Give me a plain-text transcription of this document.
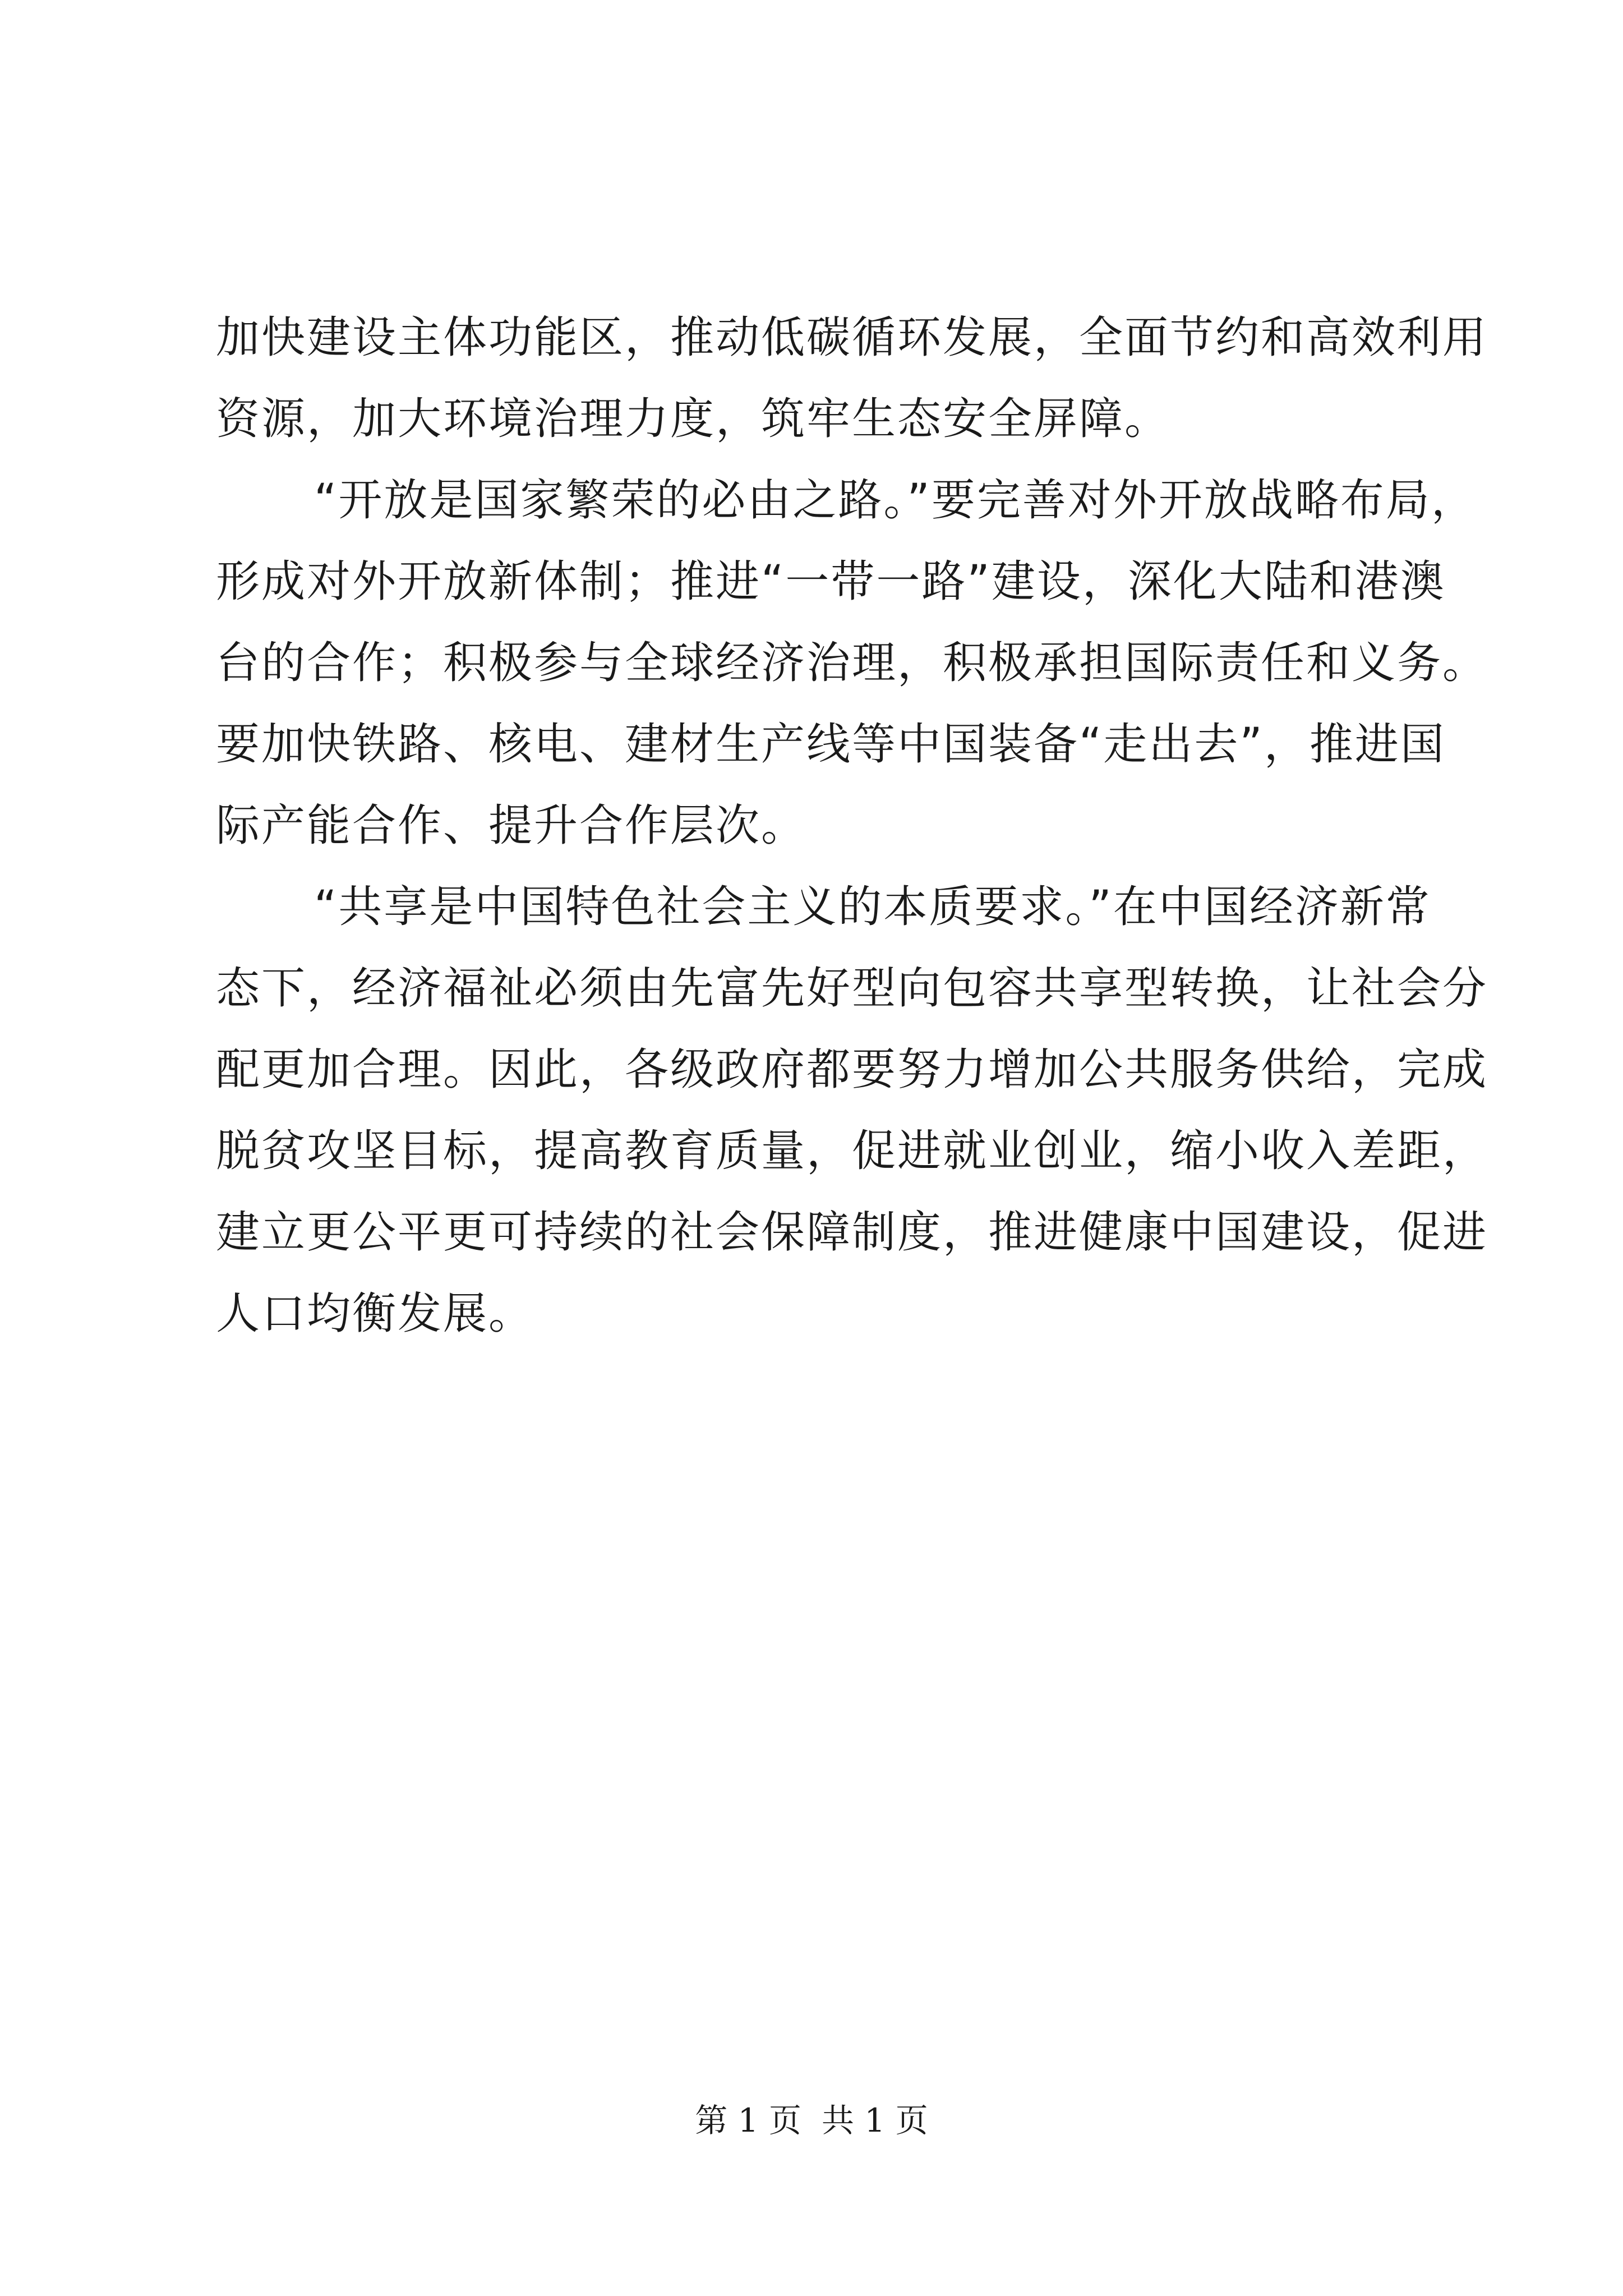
加快建设主体功能区，推动低碳循环发展，全面节约和高效利用
资源，加大环境治理力度，筑牢生态安全屏障。
“开放是国家繁荣的必由之路。”要完善对外开放战略布局，
形成对外开放新体制；推进“一带一路”建设，深化大陆和港澳
台的合作；积极参与全球经济治理，积极承担国际责任和义务。
要加快铁路、核电、建材生产线等中国装备“走出去”，推进国
际产能合作、提升合作层次。
“共享是中国特色社会主义的本质要求。”在中国经济新常
态下，经济福祉必须由先富先好型向包容共享型转换，让社会分
配更加合理。因此，各级政府都要努力增加公共服务供给，完成
脱贫攻坚目标，提高教育质量，促进就业创业，缩小收入差距，
建立更公平更可持续的社会保障制度，推进健康中国建设，促进
人口均衡发展。
第 1 页 共 1 页
